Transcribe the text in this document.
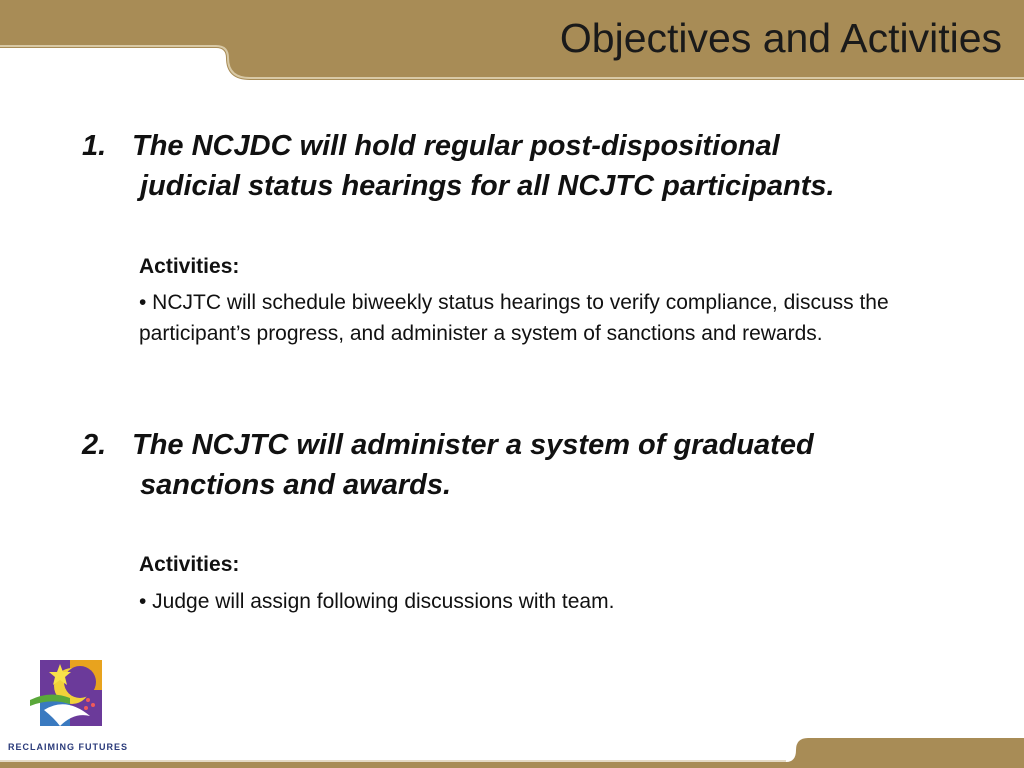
Objectives and Activities
1. The NCJDC will hold regular post-dispositional
judicial status hearings for all NCJTC participants.
Activities:
• NCJTC will schedule biweekly status hearings to verify compliance, discuss the participant’s progress, and administer a system of sanctions and rewards.
2. The NCJTC will administer a system of graduated
sanctions and awards.
Activities:
• Judge will assign following discussions with team.
RECLAIMING FUTURES
